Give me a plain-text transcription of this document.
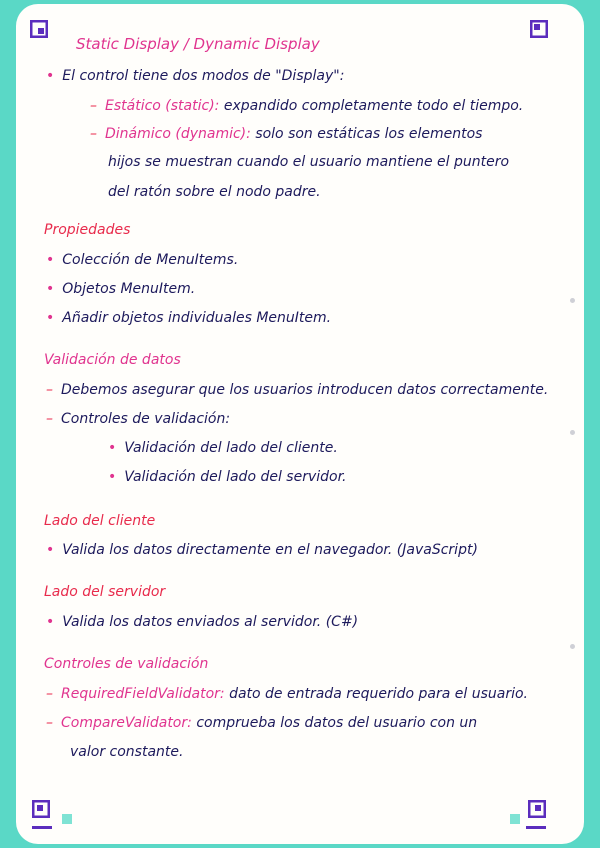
Static Display / Dynamic Display
• El control tiene dos modos de "Display":
– Estático (static): expandido completamente todo el tiempo.
– Dinámico (dynamic): solo son estáticas los elementos
hijos se muestran cuando el usuario mantiene el puntero
del ratón sobre el nodo padre.
Propiedades
• Colección de MenuItems.
• Objetos MenuItem.
• Añadir objetos individuales MenuItem.
Validación de datos
– Debemos asegurar que los usuarios introducen datos correctamente.
– Controles de validación:
• Validación del lado del cliente.
• Validación del lado del servidor.
Lado del cliente
• Valida los datos directamente en el navegador. (JavaScript)
Lado del servidor
• Valida los datos enviados al servidor. (C#)
Controles de validación
– RequiredFieldValidator: dato de entrada requerido para el usuario.
– CompareValidator: comprueba los datos del usuario con un
valor constante.
